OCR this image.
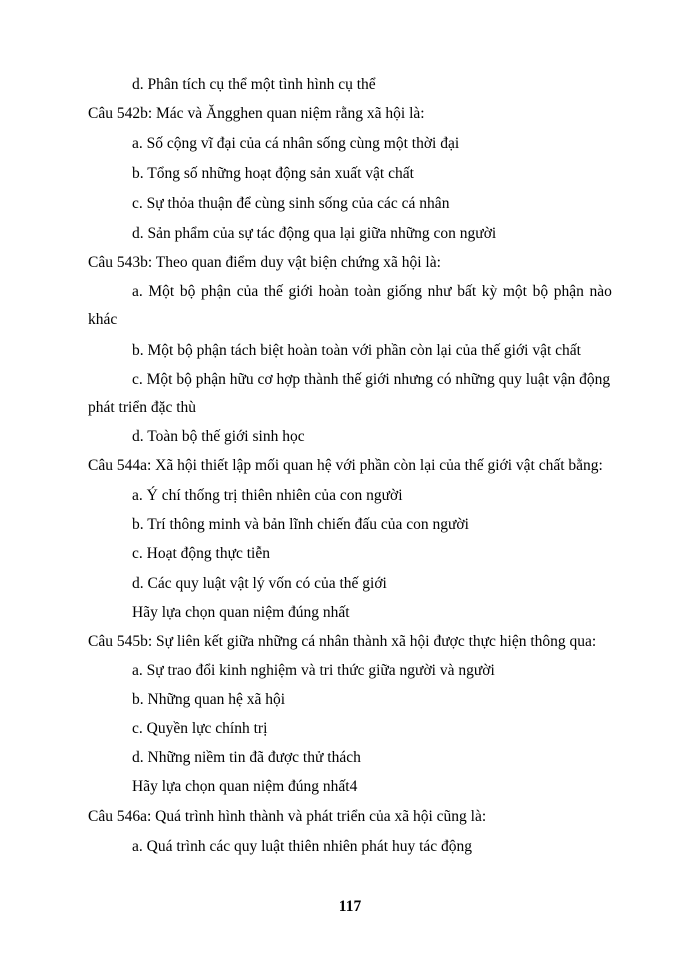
d. Phân tích cụ thể một tình hình cụ thể

Câu 542b: Mác và Ăngghen quan niệm rằng xã hội là:

a. Số cộng vĩ đại của cá nhân sống cùng một thời đại

b. Tổng số những hoạt động sản xuất vật chất

c. Sự thỏa thuận để cùng sinh sống của các cá nhân

d. Sản phẩm của sự tác động qua lại giữa những con người

Câu 543b: Theo quan điểm duy vật biện chứng xã hội là:

a. Một bộ phận của thế giới hoàn toàn giống như bất kỳ một bộ phận nào

khác

b. Một bộ phận tách biệt hoàn toàn với phần còn lại của thế giới vật chất

c. Một bộ phận hữu cơ hợp thành thế giới nhưng có những quy luật vận động

phát triển đặc thù

d. Toàn bộ thế giới sinh học

Câu 544a: Xã hội thiết lập mối quan hệ với phần còn lại của thế giới vật chất bằng:

a. Ý chí thống trị thiên nhiên của con người

b. Trí thông minh và bản lĩnh chiến đấu của con người

c. Hoạt động thực tiễn

d. Các quy luật vật lý vốn có của thế giới

Hãy lựa chọn quan niệm đúng nhất

Câu 545b: Sự liên kết giữa những cá nhân thành xã hội được thực hiện thông qua:

a. Sự trao đổi kinh nghiệm và tri thức giữa người và người

b. Những quan hệ xã hội

c. Quyền lực chính trị

d. Những niềm tin đã được thử thách

Hãy lựa chọn quan niệm đúng nhất4

Câu 546a: Quá trình hình thành và phát triển của xã hội cũng là:

a. Quá trình các quy luật thiên nhiên phát huy tác động

117
